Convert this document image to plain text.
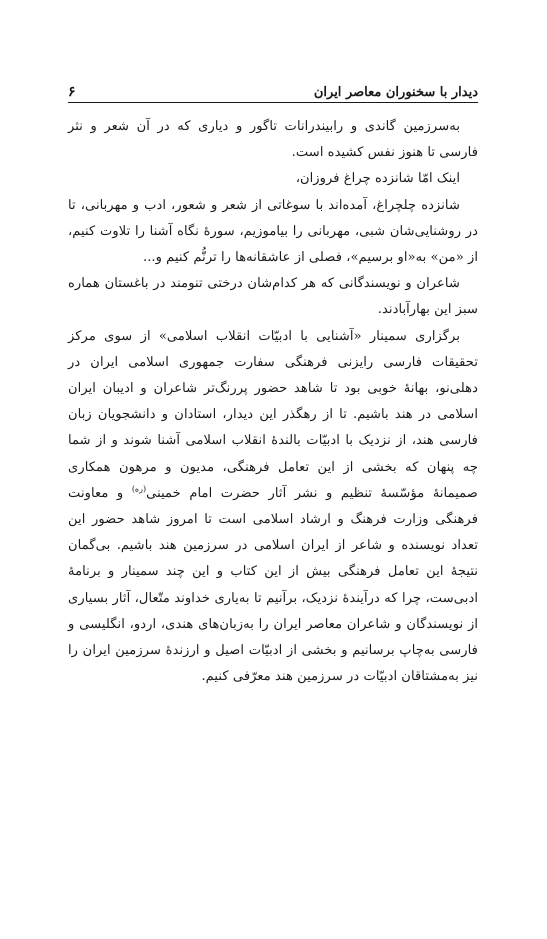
دیدار با سخنوران معاصر ایران
۶

به‌سرزمین گاندی و رابیندرانات تاگور و دیاری که در آن شعر و نثر فارسی تا هنوز نفس کشیده است.

اینک امّا شانزده چراغ فروزان،

شانزده چلچراغ، آمده‌اند با سوغاتی از شعر و شعور، ادب و مهربانی، تا در روشنایی‌شان شبی، مهربانی را بیاموزیم، سورهٔ نگاه آشنا را تلاوت کنیم، از «من» به«او برسیم»، فصلی از عاشقانه‌ها را ترنُّم کنیم و...

شاعران و نویسندگانی که هر کدام‌شان درختی تنومند در باغستان هماره سبز این بهارآبادند.

برگزاری سمینار «آشنایی با ادبیّات انقلاب اسلامی» از سوی مرکز تحقیقات فارسی رایزنی فرهنگی سفارت جمهوری اسلامی ایران در دهلی‌نو، بهانهٔ خوبی بود تا شاهد حضور پررنگ‌تر شاعران و ادیبان ایران اسلامی در هند باشیم. تا از رهگذر این دیدار، استادان و دانشجویان زبان فارسی هند، از نزدیک با ادبیّات بالندهٔ انقلاب اسلامی آشنا شوند و از شما چه پنهان که بخشی از این تعامل فرهنگی، مدیون و مرهون همکاری صمیمانهٔ مؤسّسهٔ تنظیم و نشر آثار حضرت امام خمینی$^{(ره)}$ و معاونت فرهنگی وزارت فرهنگ و ارشاد اسلامی است تا امروز شاهد حضور این تعداد نویسنده و شاعر از ایران اسلامی در سرزمین هند باشیم. بی‌گمان نتیجهٔ این تعامل فرهنگی بیش از این کتاب و این چند سمینار و برنامهٔ ادبی‌ست، چرا که درآیندهٔ نزدیک، برآنیم تا به‌یاری خداوند متّعال، آثار بسیاری از نویسندگان و شاعران معاصر ایران را به‌زبان‌های هندی، اردو، انگلیسی و فارسی به‌چاپ برسانیم و بخشی از ادبیّات اصیل و ارزندهٔ سرزمین ایران را نیز به‌مشتاقان ادبیّات در سرزمین هند معرّفی کنیم.
